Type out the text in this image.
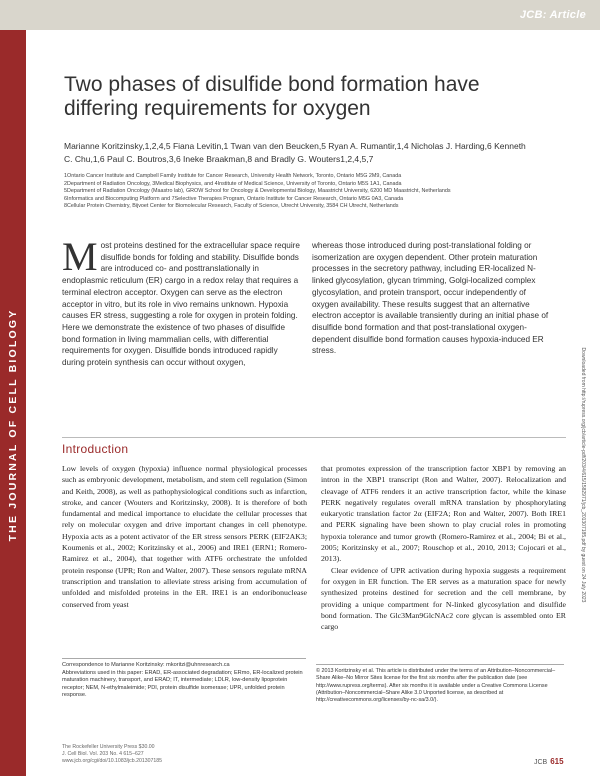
JCB: Article
THE JOURNAL OF CELL BIOLOGY	Downloaded from http://rupress.org/jcb/article-pdf/203/4/615/1582971/jcb_201307185.pdf by guest on 24 July 2023
Two phases of disulfide bond formation have differing requirements for oxygen
Marianne Koritzinsky,1,2,4,5 Fiana Levitin,1 Twan van den Beucken,5 Ryan A. Rumantir,1,4 Nicholas J. Harding,6 Kenneth C. Chu,1,6 Paul C. Boutros,3,6 Ineke Braakman,8 and Bradly G. Wouters1,2,4,5,7
1Ontario Cancer Institute and Campbell Family Institute for Cancer Research, University Health Network, Toronto, Ontario M5G 2M9, Canada
2Department of Radiation Oncology, 3Medical Biophysics, and 4Institute of Medical Science, University of Toronto, Ontario M5S 1A1, Canada
5Department of Radiation Oncology (Maastro lab), GROW School for Oncology & Developmental Biology, Maastricht University, 6200 MD Maastricht, Netherlands
6Informatics and Biocomputing Platform and 7Selective Therapies Program, Ontario Institute for Cancer Research, Ontario M5G 0A3, Canada
8Cellular Protein Chemistry, Bijvoet Center for Biomolecular Research, Faculty of Science, Utrecht University, 3584 CH Utrecht, Netherlands
Most proteins destined for the extracellular space require disulfide bonds for folding and stability. Disulfide bonds are introduced co- and posttranslationally in endoplasmic reticulum (ER) cargo in a redox relay that requires a terminal electron acceptor. Oxygen can serve as the electron acceptor in vitro, but its role in vivo remains unknown. Hypoxia causes ER stress, suggesting a role for oxygen in protein folding. Here we demonstrate the existence of two phases of disulfide bond formation in living mammalian cells, with differential requirements for oxygen. Disulfide bonds introduced rapidly during protein synthesis can occur without oxygen,
whereas those introduced during post-translational folding or isomerization are oxygen dependent. Other protein maturation processes in the secretory pathway, including ER-localized N-linked glycosylation, glycan trimming, Golgi-localized complex glycosylation, and protein transport, occur independently of oxygen availability. These results suggest that an alternative electron acceptor is available transiently during an initial phase of disulfide bond formation and that post-translational oxygen-dependent disulfide bond formation causes hypoxia-induced ER stress.
Introduction

Low levels of oxygen (hypoxia) influence normal physiological processes such as embryonic development, metabolism, and stem cell regulation (Simon and Keith, 2008), as well as pathophysiological conditions such as infarction, stroke, and cancer (Wouters and Koritzinsky, 2008). It is therefore of both fundamental and medical importance to elucidate the cellular processes that rely on molecular oxygen and drive important changes in cell phenotype. Hypoxia acts as a potent activator of the ER stress sensors PERK (EIF2AK3; Koumenis et al., 2002; Koritzinsky et al., 2006) and IRE1 (ERN1; Romero-Ramirez et al., 2004), that together with ATF6 orchestrate the unfolded protein response (UPR; Ron and Walter, 2007). These sensors regulate mRNA transcription and translation to alleviate stress arising from accumulation of unfolded and misfolded proteins in the ER. IRE1 is an endoribonuclease conserved from yeast

that promotes expression of the transcription factor XBP1 by removing an intron in the XBP1 transcript (Ron and Walter, 2007). Relocalization and cleavage of ATF6 renders it an active transcription factor, while the kinase PERK negatively regulates overall mRNA translation by phosphorylating eukaryotic translation factor 2α (EIF2A; Ron and Walter, 2007). Both IRE1 and PERK signaling have been shown to play crucial roles in promoting hypoxia tolerance and tumor growth (Romero-Ramirez et al., 2004; Bi et al., 2005; Koritzinsky et al., 2007; Rouschop et al., 2010, 2013; Cojocari et al., 2013).

Clear evidence of UPR activation during hypoxia suggests a requirement for oxygen in ER function. The ER serves as a maturation space for newly synthesized proteins destined for secretion and the cell membrane, by providing a unique compartment for N-linked glycosylation and disulfide bond formation. The Glc3Man9GlcNAc2 core glycan is assembled onto ER cargo

Correspondence to Marianne Koritzinsky: mkoritzi@uhnresearch.ca
Abbreviations used in this paper: ERAD, ER-associated degradation; ERmo, ER-localized protein maturation machinery, transport, and ERAD; IT, intermediate; LDLR, low-density lipoprotein receptor; NEM, N-ethylmaleimide; PDI, protein disulfide isomerase; UPR, unfolded protein response.
© 2013 Koritzinsky et al. This article is distributed under the terms of an Attribution–Noncommercial–Share Alike–No Mirror Sites license for the first six months after the publication date (see http://www.rupress.org/terms). After six months it is available under a Creative Commons License (Attribution–Noncommercial–Share Alike 3.0 Unported license, as described at http://creativecommons.org/licenses/by-nc-sa/3.0/).
The Rockefeller University Press $30.00
J. Cell Biol. Vol. 203 No. 4 615–627
www.jcb.org/cgi/doi/10.1083/jcb.201307185	JCB 615
